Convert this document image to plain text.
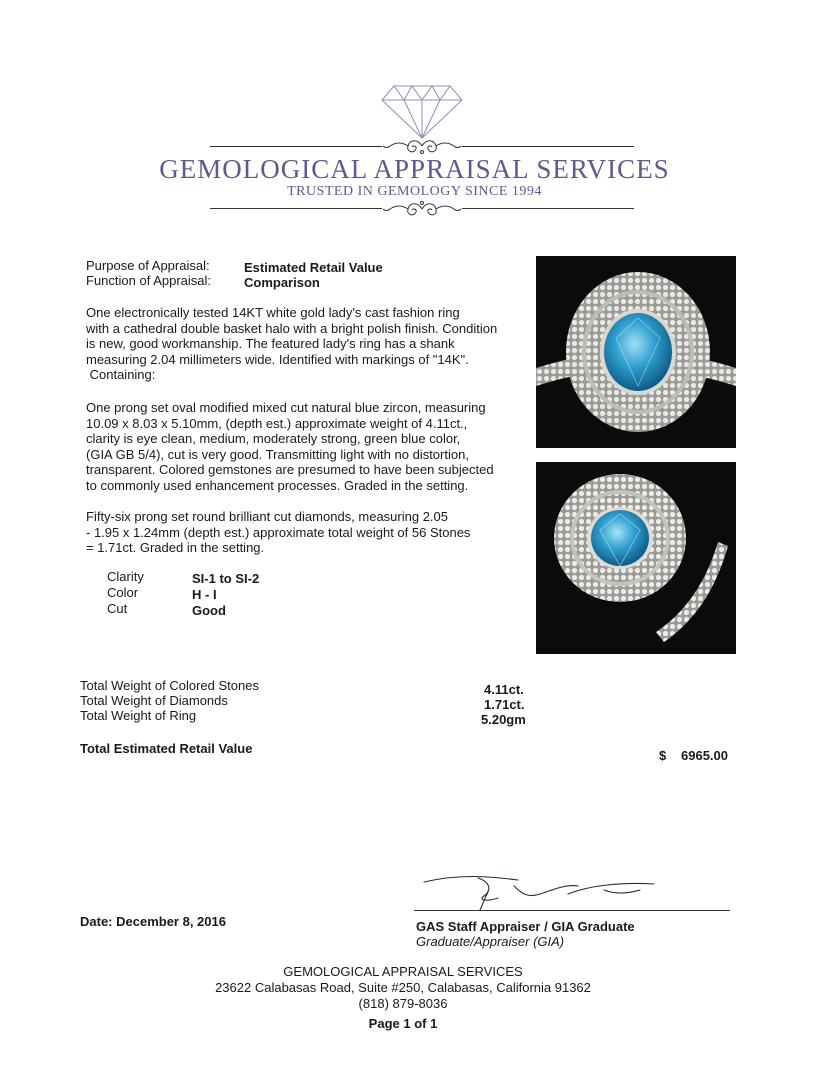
GEMOLOGICAL APPRAISAL SERVICES
TRUSTED IN GEMOLOGY SINCE 1994
Purpose of Appraisal:	Estimated Retail Value
Function of Appraisal:	Comparison
One electronically tested 14KT white gold lady's cast fashion ring
with a cathedral double basket halo with a bright polish finish. Condition
is new, good workmanship. The featured lady's ring has a shank
measuring 2.04 millimeters wide. Identified with markings of "14K".
Containing:
One prong set oval modified mixed cut natural blue zircon, measuring
10.09 x 8.03 x 5.10mm, (depth est.) approximate weight of 4.11ct.,
clarity is eye clean, medium, moderately strong, green blue color,
(GIA GB 5/4), cut is very good. Transmitting light with no distortion,
transparent. Colored gemstones are presumed to have been subjected
to commonly used enhancement processes. Graded in the setting.
Fifty-six prong set round brilliant cut diamonds, measuring 2.05
- 1.95 x 1.24mm (depth est.) approximate total weight of 56 Stones
= 1.71ct. Graded in the setting.
Clarity	SI-1 to SI-2
Color	H - I
Cut	Good
Total Weight of Colored Stones	4.11ct.
Total Weight of Diamonds	1.71ct.
Total Weight of Ring	5.20gm
Total Estimated Retail Value	$ 6965.00
Date: December 8, 2016	GAS Staff Appraiser / GIA Graduate
Graduate/Appraiser (GIA)
GEMOLOGICAL APPRAISAL SERVICES
23622 Calabasas Road, Suite #250, Calabasas, California 91362
(818) 879-8036
Page 1 of 1
